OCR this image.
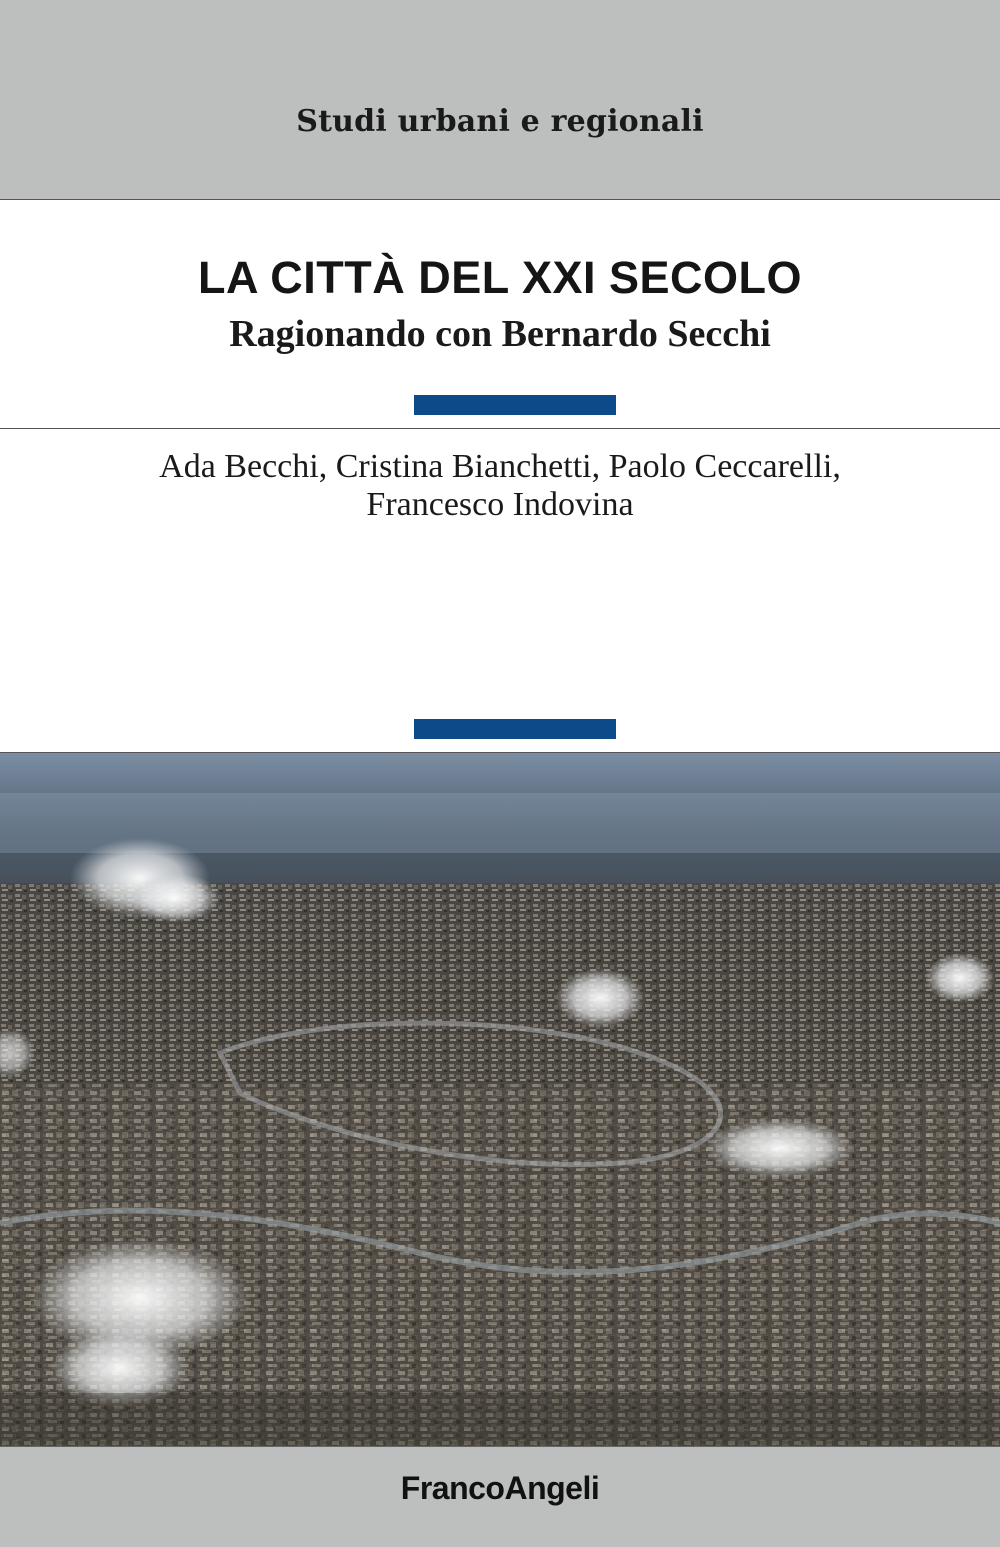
Studi urbani e regionali
LA CITTÀ DEL XXI SECOLO
Ragionando con Bernardo Secchi
Ada Becchi, Cristina Bianchetti, Paolo Ceccarelli,
Francesco Indovina
FrancoAngeli
